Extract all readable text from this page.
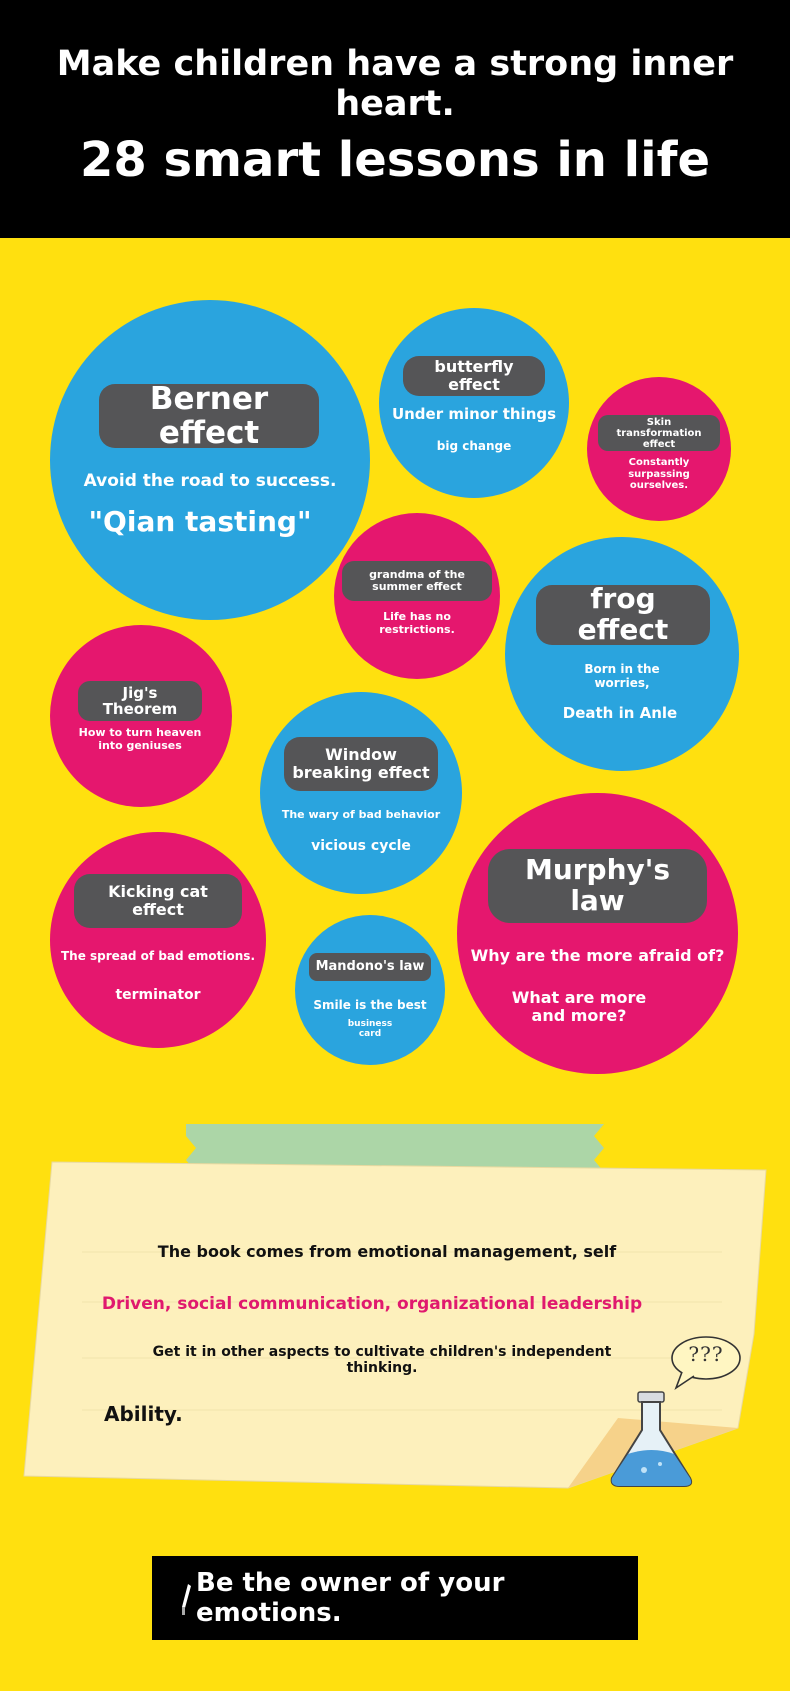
Make children have a strong inner heart.
28 smart lessons in life
Berner effect
Avoid the road to success.
"Qian tasting"
butterfly effect
Under minor things
big change
Skin transformation effect
Constantly surpassing ourselves.
grandma of the summer effect
Life has no restrictions.
frog effect
Born in the worries,
Death in Anle
Jig's Theorem
How to turn heaven into geniuses
Window breaking effect
The wary of bad behavior
vicious cycle
Murphy's law
Why are the more afraid of?
What are more and more?
Kicking cat effect
The spread of bad emotions.
terminator
Mandono's law
Smile is the best
business card
The book comes from emotional management, self
Driven, social communication, organizational leadership
Get it in other aspects to cultivate children's independent thinking.
Ability.
???
Be the owner of your emotions.
